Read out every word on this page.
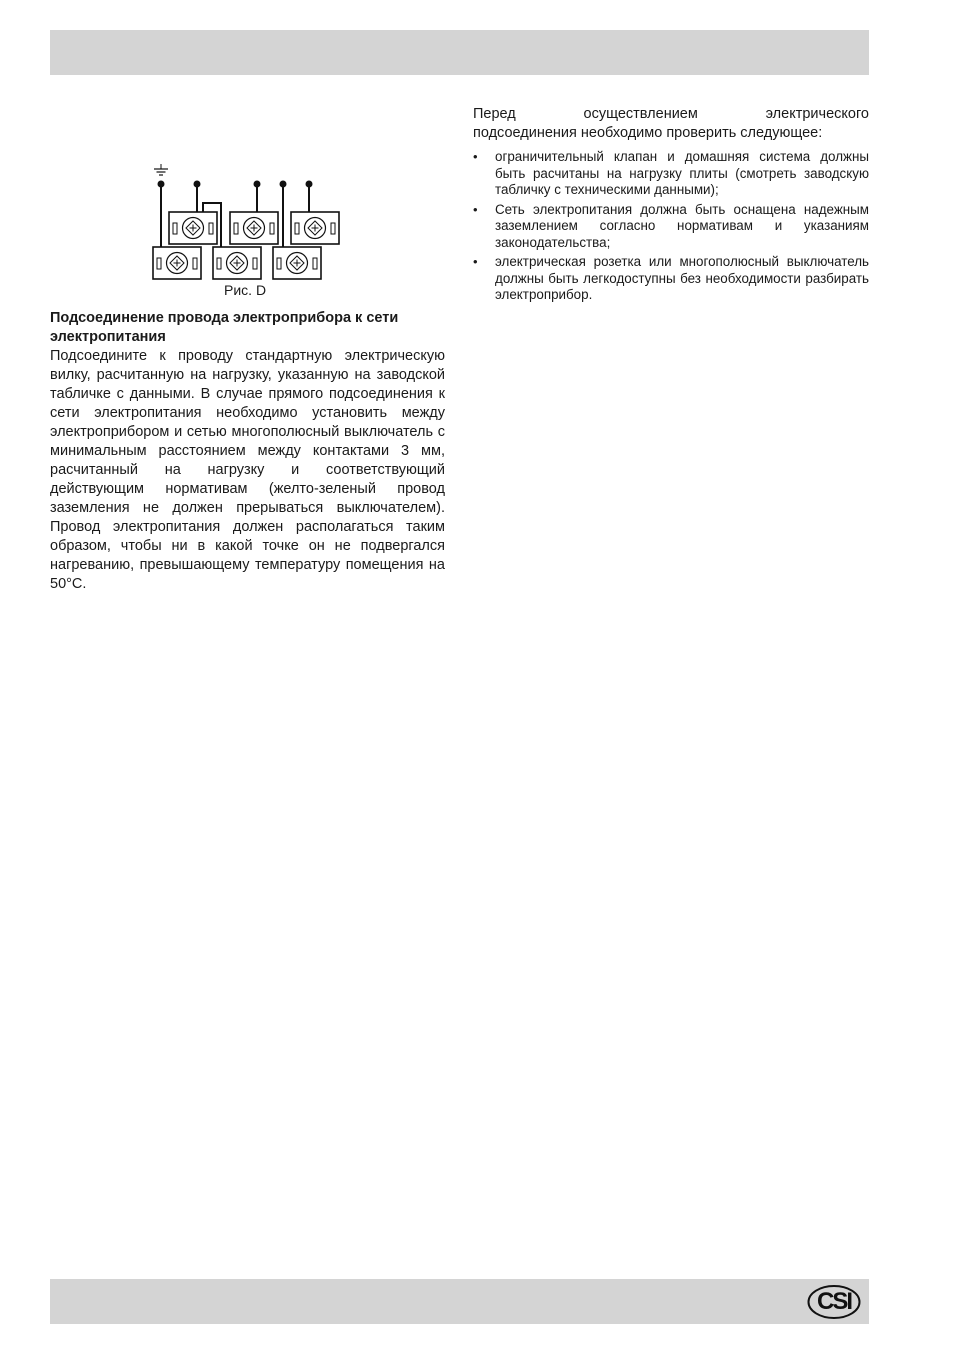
Рис. D
Подсоединение провода электроприбора к сети электропитания

Подсоедините к проводу стандартную электрическую вилку, расчитанную на нагрузку, указанную на заводской табличке с данными. В случае прямого подсоединения к сети электропитания необходимо установить между электроприбором и сетью многополюсный выключатель с минимальным расстоянием между контактами 3 мм, расчитанный на нагрузку и соответствующий действующим нормативам (желто-зеленый провод заземления не должен прерываться выключателем). Провод электропитания должен располагаться таким образом, чтобы ни в какой точке он не подвергался нагреванию, превышающему температуру помещения на 50°C.

Перед осуществлением электрического
подсоединения необходимо проверить следующее:

• ограничительный клапан и домашняя система должны быть расчитаны на нагрузку плиты (смотреть заводскую табличку с техническими данными);
• Сеть электропитания должна быть оснащена надежным заземлением согласно нормативам и указаниям законодательства;
• электрическая розетка или многополюсный выключатель должны быть легкодоступны без необходимости разбирать электроприбор.
CSI
